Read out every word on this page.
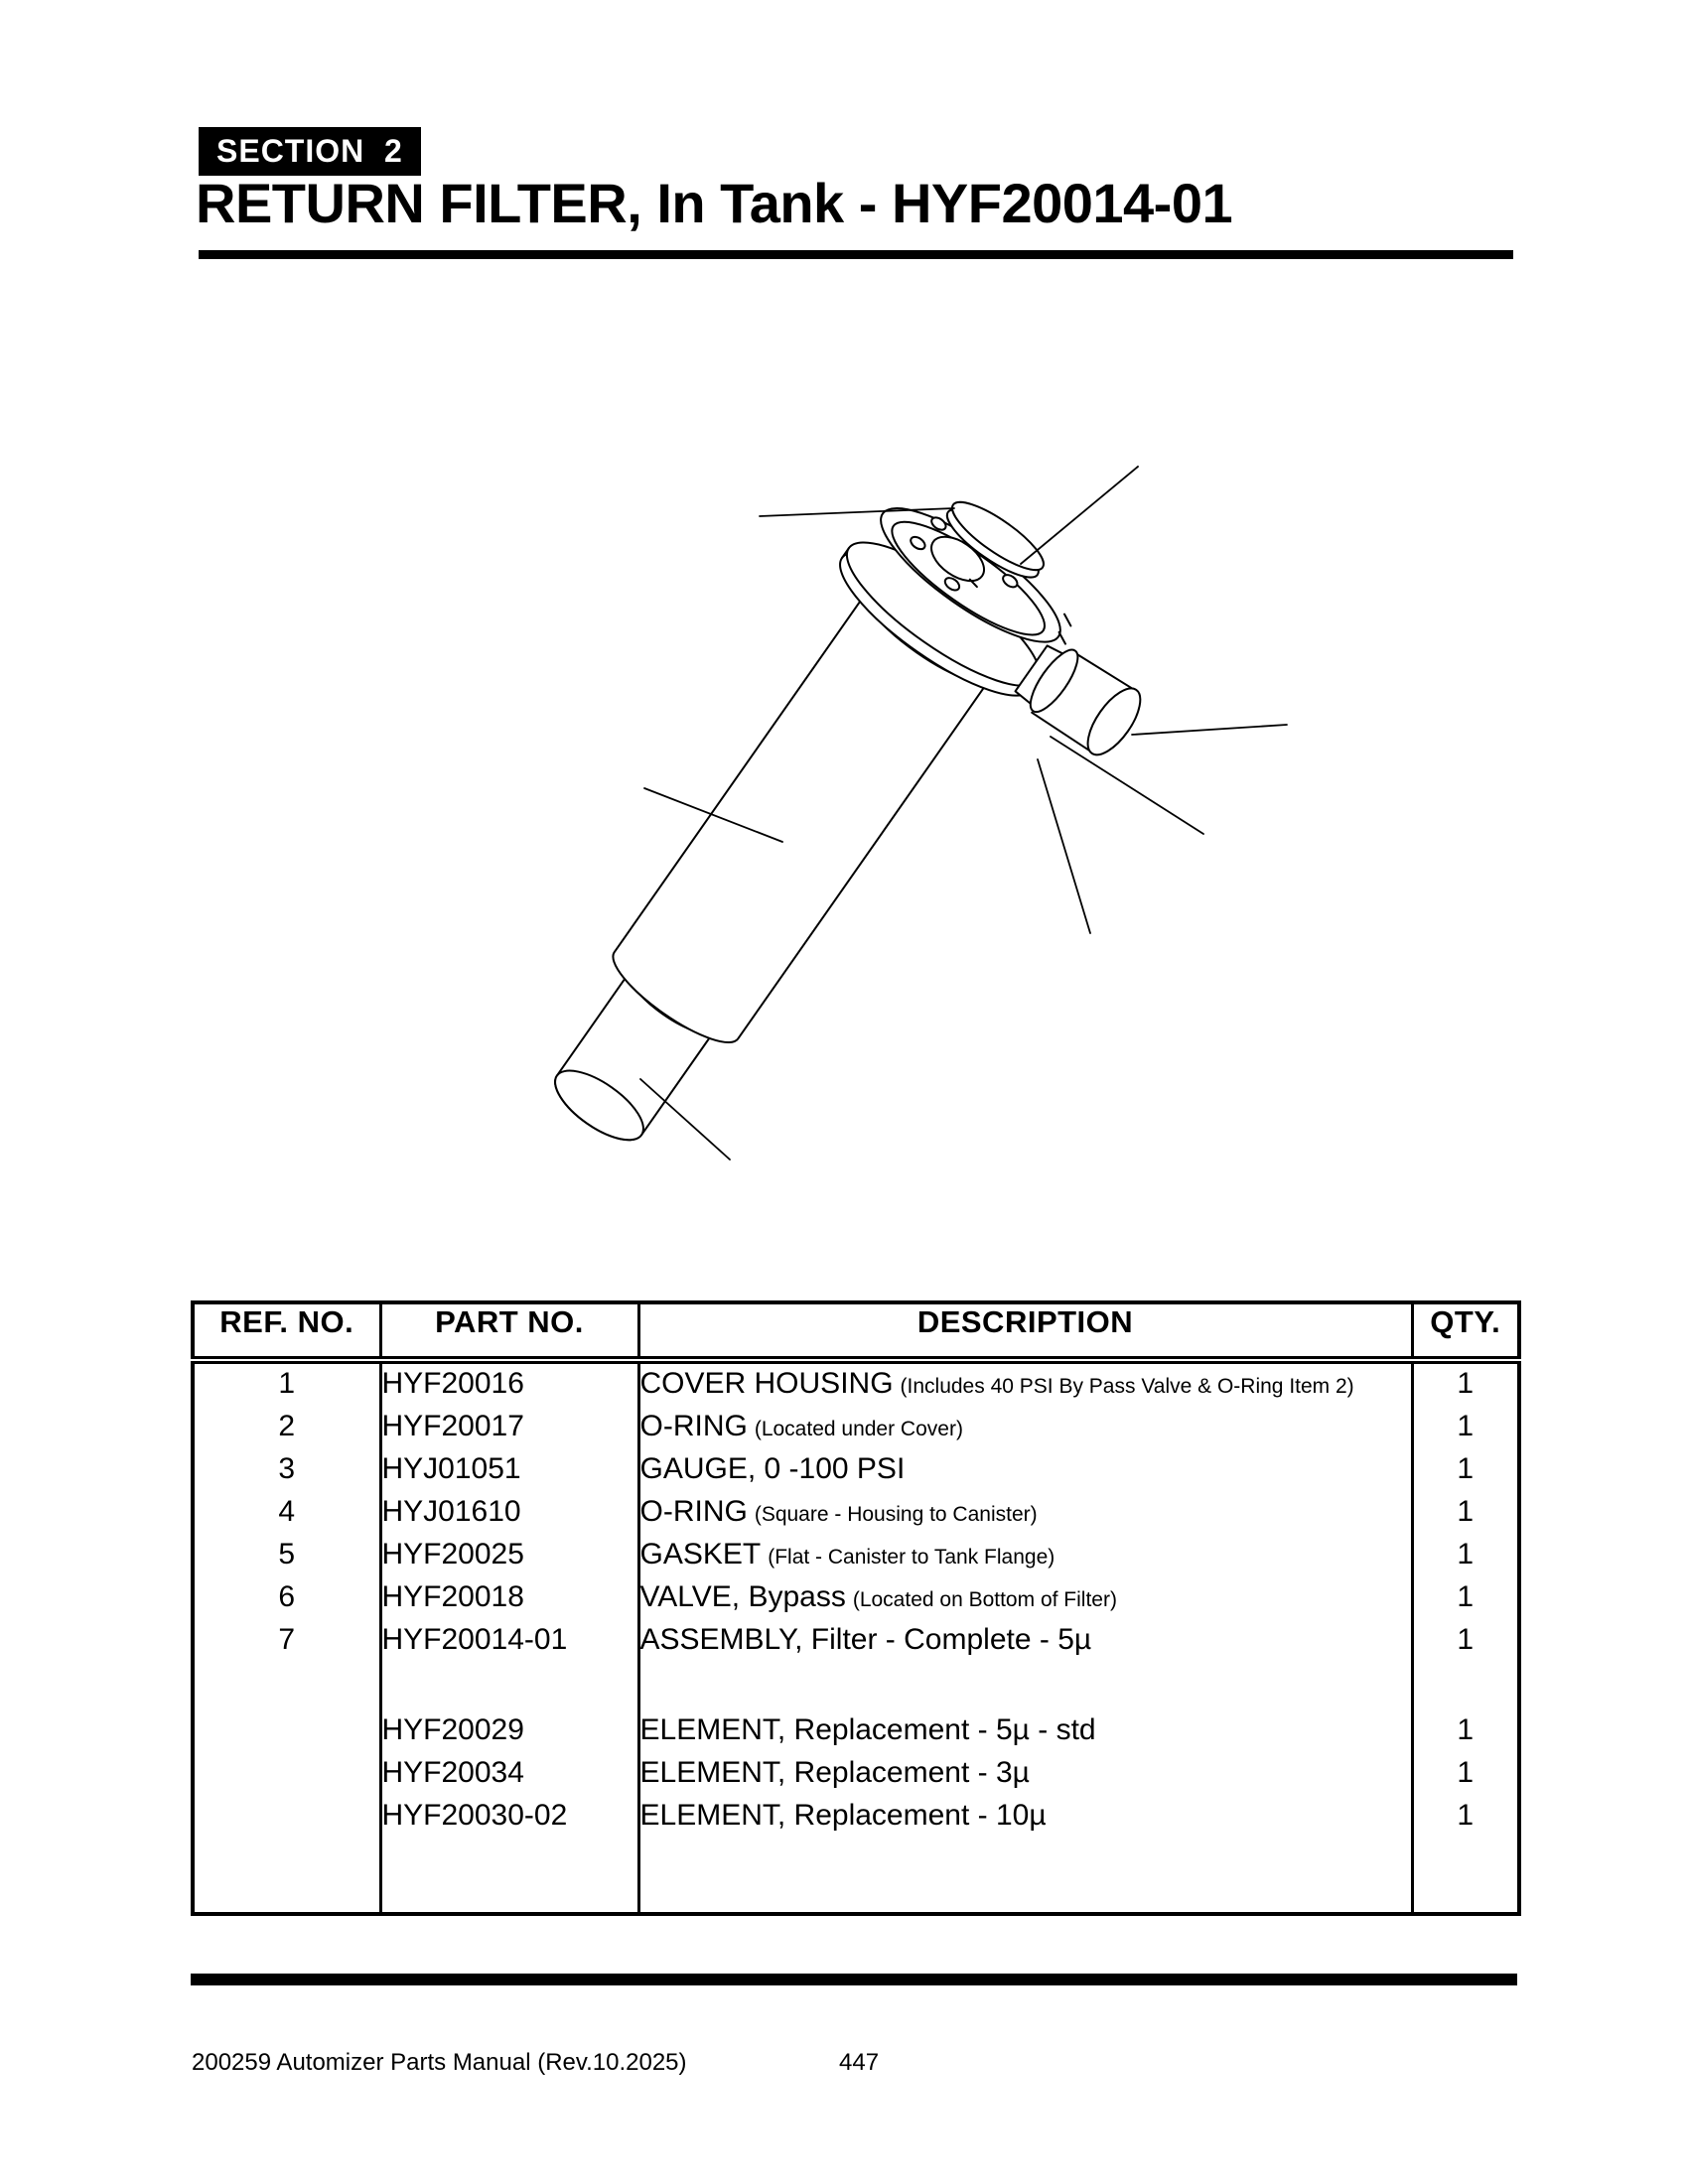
SECTION  2
RETURN FILTER, In Tank - HYF20014-01
REF. NO.	PART NO.	DESCRIPTION	QTY.
1	HYF20016	COVER HOUSING (Includes 40 PSI By Pass Valve & O-Ring Item 2)	1
2	HYF20017	O-RING (Located under Cover)	1
3	HYJ01051	GAUGE, 0 -100 PSI	1
4	HYJ01610	O-RING (Square - Housing to Canister)	1
5	HYF20025	GASKET (Flat - Canister to Tank Flange)	1
6	HYF20018	VALVE, Bypass (Located on Bottom of Filter)	1
7	HYF20014-01	ASSEMBLY, Filter - Complete - 5µ	1

	HYF20029	ELEMENT, Replacement - 5µ - std	1
	HYF20034	ELEMENT, Replacement - 3µ	1
	HYF20030-02	ELEMENT, Replacement - 10µ	1

200259 Automizer Parts Manual (Rev.10.2025)	447
